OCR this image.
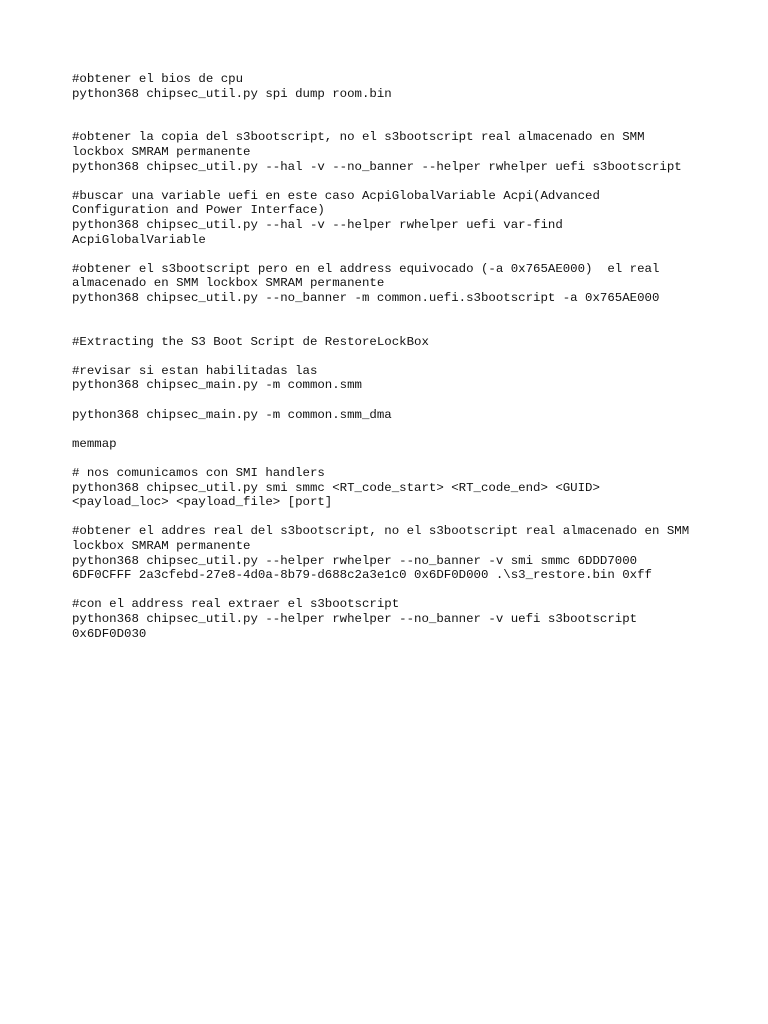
#obtener el bios de cpu
python368 chipsec_util.py spi dump room.bin
#obtener la copia del s3bootscript, no el s3bootscript real almacenado en SMM
lockbox SMRAM permanente
python368 chipsec_util.py --hal -v --no_banner --helper rwhelper uefi s3bootscript
#buscar una variable uefi en este caso AcpiGlobalVariable Acpi(Advanced
Configuration and Power Interface)
python368 chipsec_util.py --hal -v --helper rwhelper uefi var-find
AcpiGlobalVariable
#obtener el s3bootscript pero en el address equivocado (-a 0x765AE000)  el real
almacenado en SMM lockbox SMRAM permanente
python368 chipsec_util.py --no_banner -m common.uefi.s3bootscript -a 0x765AE000
#Extracting the S3 Boot Script de RestoreLockBox
#revisar si estan habilitadas las
python368 chipsec_main.py -m common.smm
python368 chipsec_main.py -m common.smm_dma
memmap
# nos comunicamos con SMI handlers
python368 chipsec_util.py smi smmc <RT_code_start> <RT_code_end> <GUID>
<payload_loc> <payload_file> [port]
#obtener el addres real del s3bootscript, no el s3bootscript real almacenado en SMM
lockbox SMRAM permanente
python368 chipsec_util.py --helper rwhelper --no_banner -v smi smmc 6DDD7000
6DF0CFFF 2a3cfebd-27e8-4d0a-8b79-d688c2a3e1c0 0x6DF0D000 .\s3_restore.bin 0xff
#con el address real extraer el s3bootscript
python368 chipsec_util.py --helper rwhelper --no_banner -v uefi s3bootscript
0x6DF0D030
